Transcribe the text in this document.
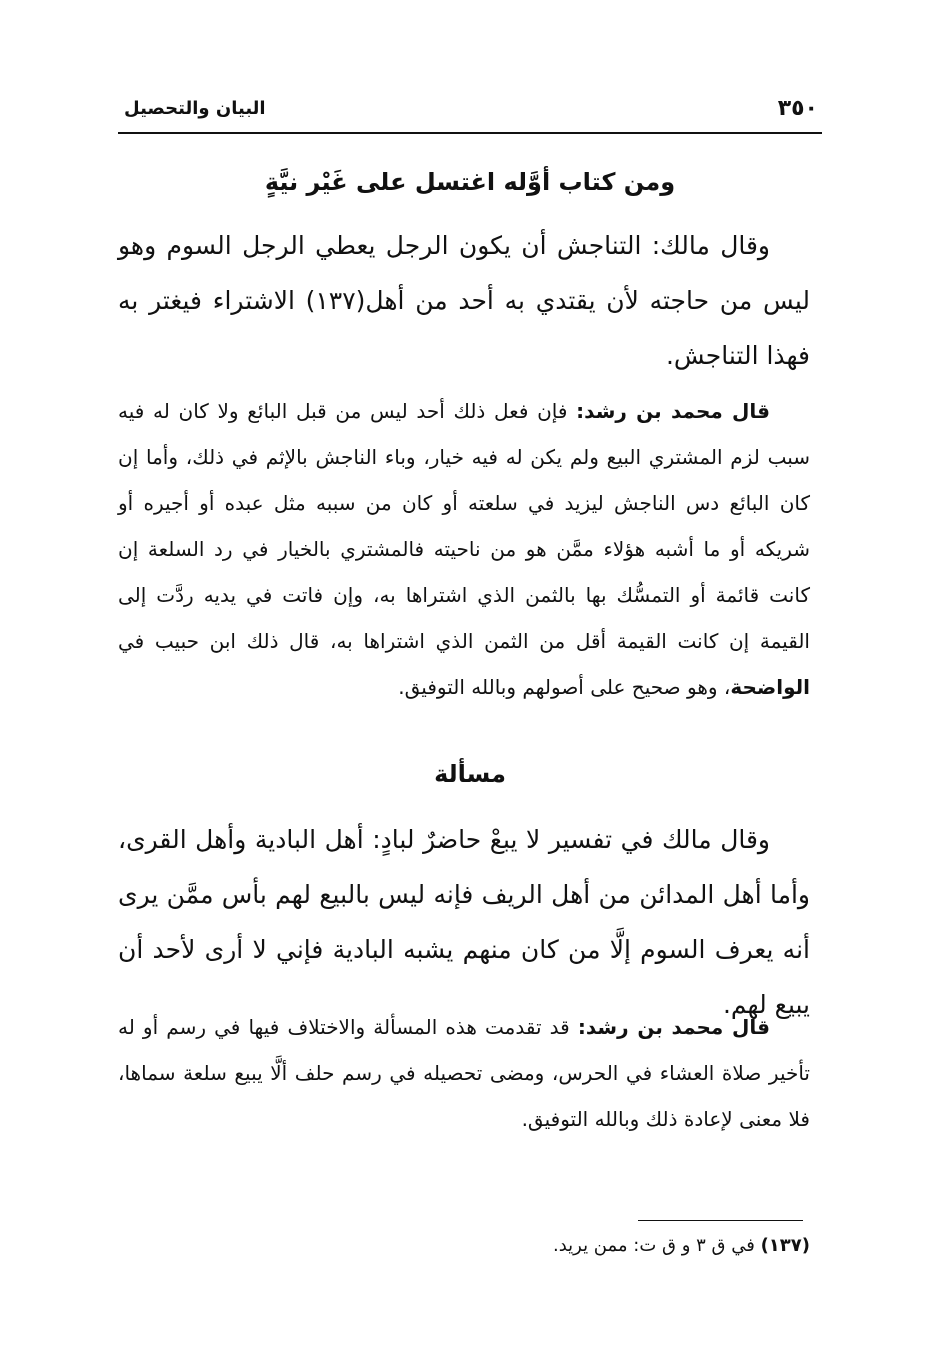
٣٥٠
البيان والتحصيل
ومن كتاب أوَّله اغتسل على غَيْر نيَّةٍ

وقال مالك: التناجش أن يكون الرجل يعطي الرجل السوم وهو ليس من حاجته لأن يقتدي به أحد من أهل(١٣٧) الاشتراء فيغتر به فهذا التناجش.

قال محمد بن رشد: فإن فعل ذلك أحد ليس من قبل البائع ولا كان له فيه سبب لزم المشتري البيع ولم يكن له فيه خيار، وباء الناجش بالإثم في ذلك، وأما إن كان البائع دس الناجش ليزيد في سلعته أو كان من سببه مثل عبده أو أجيره أو شريكه أو ما أشبه هؤلاء ممَّن هو من ناحيته فالمشتري بالخيار في رد السلعة إن كانت قائمة أو التمسُّك بها بالثمن الذي اشتراها به، وإن فاتت في يديه ردَّت إلى القيمة إن كانت القيمة أقل من الثمن الذي اشتراها به، قال ذلك ابن حبيب في الواضحة، وهو صحيح على أصولهم وبالله التوفيق.

مسألة

وقال مالك في تفسير لا يبعْ حاضرٌ لبادٍ: أهل البادية وأهل القرى، وأما أهل المدائن من أهل الريف فإنه ليس بالبيع لهم بأس ممَّن يرى أنه يعرف السوم إلَّا من كان منهم يشبه البادية فإني لا أرى لأحد أن يبيع لهم.

قال محمد بن رشد: قد تقدمت هذه المسألة والاختلاف فيها في رسم أو له تأخير صلاة العشاء في الحرس، ومضى تحصيله في رسم حلف ألَّا يبيع سلعة سماها، فلا معنى لإعادة ذلك وبالله التوفيق.

(١٣٧) في ق ٣ و ق ت: ممن يريد.
